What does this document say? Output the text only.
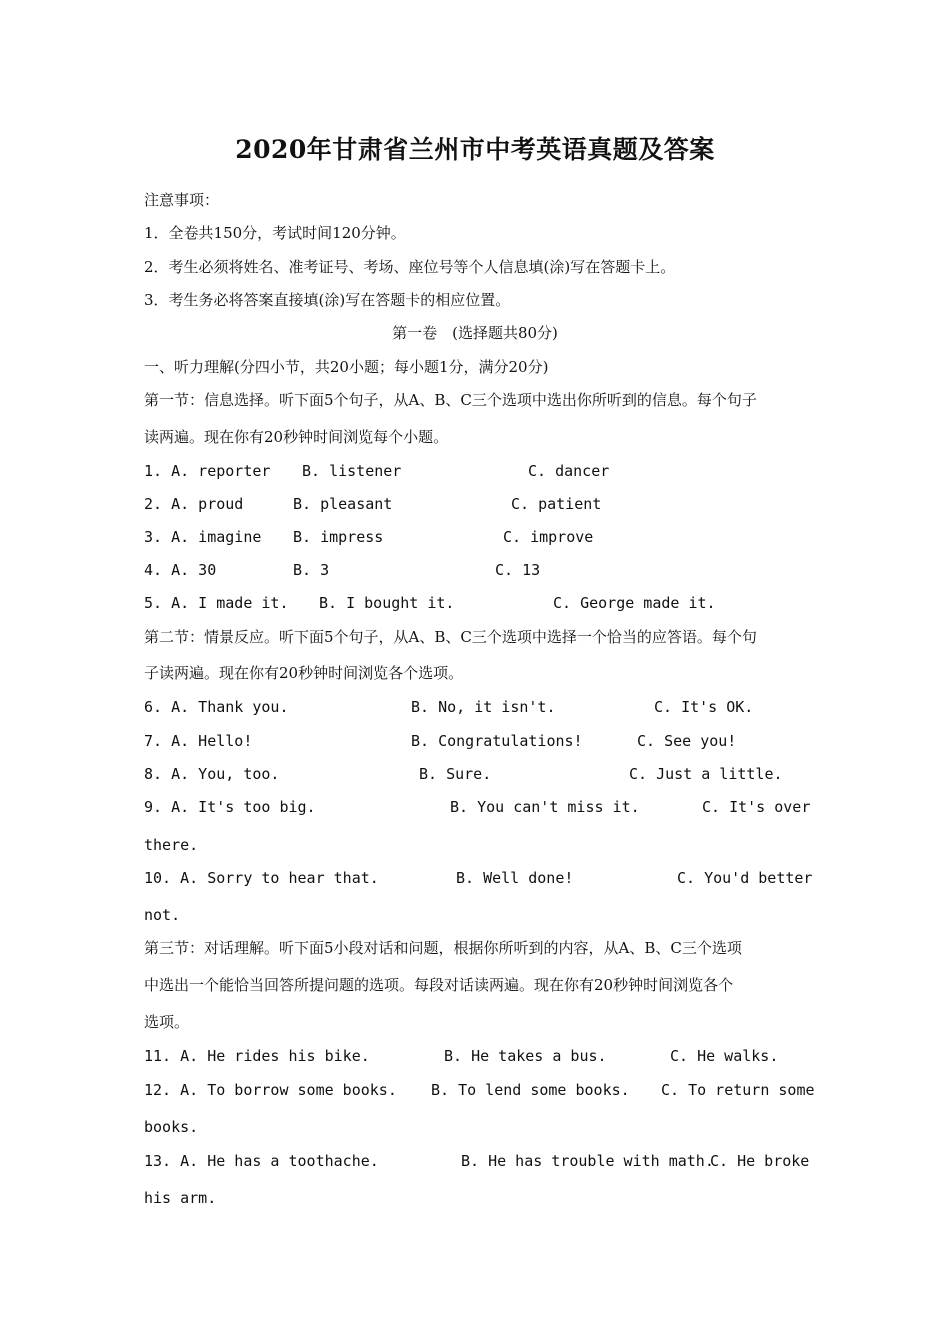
2020年甘肃省兰州市中考英语真题及答案
注意事项：
1．全卷共150分，考试时间120分钟。
2．考生必须将姓名、准考证号、考场、座位号等个人信息填(涂)写在答题卡上。
3．考生务必将答案直接填(涂)写在答题卡的相应位置。
第一卷　(选择题共80分)
一、听力理解(分四小节，共20小题；每小题1分，满分20分)
第一节：信息选择。听下面5个句子，从A、B、C三个选项中选出你所听到的信息。每个句子
读两遍。现在你有20秒钟时间浏览每个小题。
1. A. reporter B. listener	C. dancer
2. A. proud	B. pleasant	C. patient
3. A. imagine B. impress	C. improve
4. A. 30	B. 3	C. 13
5. A. I made it. B. I bought it.	C. George made it.
第二节：情景反应。听下面5个句子，从A、B、C三个选项中选择一个恰当的应答语。每个句
子读两遍。现在你有20秒钟时间浏览各个选项。
6. A. Thank you.	B. No, it isn't.	C. It's OK.
7. A. Hello!	B. Congratulations!	C. See you!
8. A. You, too.	B. Sure.	C. Just a little.
9. A. It's too big.	B. You can't miss it.	C. It's over
there.
10. A. Sorry to hear that.	B. Well done!	C. You'd better
not.
第三节：对话理解。听下面5小段对话和问题，根据你所听到的内容，从A、B、C三个选项
中选出一个能恰当回答所提问题的选项。每段对话读两遍。现在你有20秒钟时间浏览各个
选项。
11. A. He rides his bike.	B. He takes a bus.	C. He walks.
12. A. To borrow some books. B. To lend some books. C. To return some
books.
13. A. He has a toothache.	B. He has trouble with math.
C. He broke
his arm.
